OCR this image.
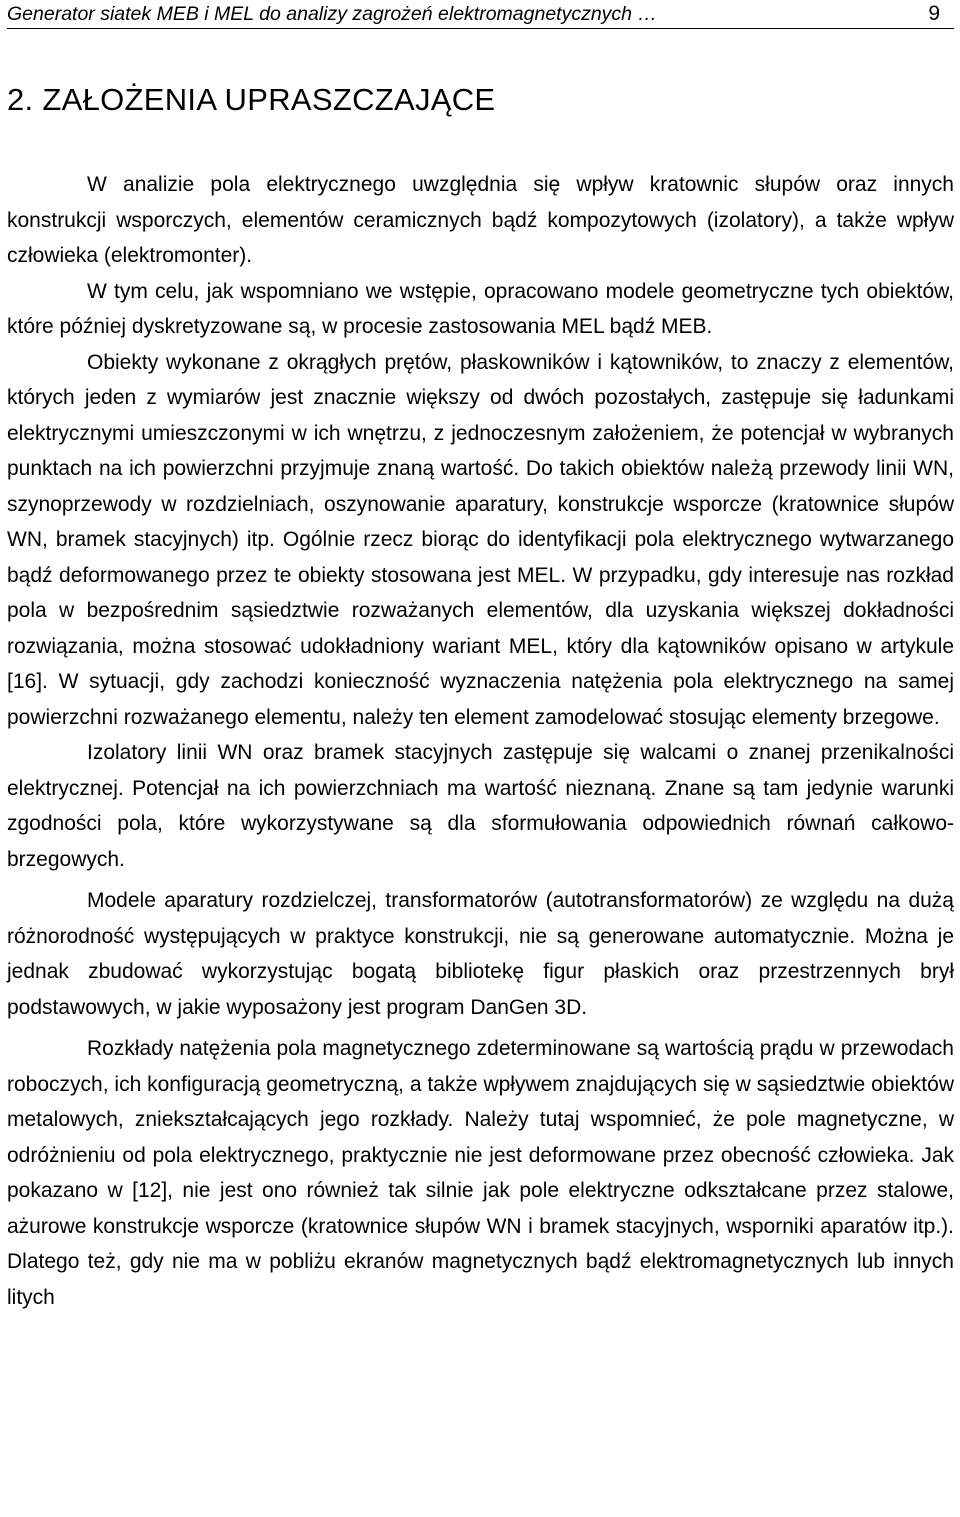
Generator siatek MEB i MEL do analizy zagrożeń elektromagnetycznych …	9
2. ZAŁOŻENIA UPRASZCZAJĄCE

W analizie pola elektrycznego uwzględnia się wpływ kratownic słupów oraz innych konstrukcji wsporczych, elementów ceramicznych bądź kompozytowych (izolatory), a także wpływ człowieka (elektromonter).

W tym celu, jak wspomniano we wstępie, opracowano modele geometryczne tych obiektów, które później dyskretyzowane są, w procesie zastosowania MEL bądź MEB.

Obiekty wykonane z okrągłych prętów, płaskowników i kątowników, to znaczy z elementów, których jeden z wymiarów jest znacznie większy od dwóch pozostałych, zastępuje się ładunkami elektrycznymi umieszczonymi w ich wnętrzu, z jednoczesnym założeniem, że potencjał w wybranych punktach na ich powierzchni przyjmuje znaną wartość. Do takich obiektów należą przewody linii WN, szynoprzewody w rozdzielniach, oszynowanie aparatury, konstrukcje wsporcze (kratownice słupów WN, bramek stacyjnych) itp. Ogólnie rzecz biorąc do identyfikacji pola elektrycznego wytwarzanego bądź deformowanego przez te obiekty stosowana jest MEL. W przypadku, gdy interesuje nas rozkład pola w bezpośrednim sąsiedztwie rozważanych elementów, dla uzyskania większej dokładności rozwiązania, można stosować udokładniony wariant MEL, który dla kątowników opisano w artykule [16]. W sytuacji, gdy zachodzi konieczność wyznaczenia natężenia pola elektrycznego na samej powierzchni rozważanego elementu, należy ten element zamodelować stosując elementy brzegowe.

Izolatory linii WN oraz bramek stacyjnych zastępuje się walcami o znanej przenikalności elektrycznej. Potencjał na ich powierzchniach ma wartość nieznaną. Znane są tam jedynie warunki zgodności pola, które wykorzystywane są dla sformułowania odpowiednich równań całkowo-brzegowych.

Modele aparatury rozdzielczej, transformatorów (autotransformatorów) ze względu na dużą różnorodność występujących w praktyce konstrukcji, nie są generowane automatycznie. Można je jednak zbudować wykorzystując bogatą bibliotekę figur płaskich oraz przestrzennych brył podstawowych, w jakie wyposażony jest program DanGen 3D.

Rozkłady natężenia pola magnetycznego zdeterminowane są wartością prądu w przewodach roboczych, ich konfiguracją geometryczną, a także wpływem znajdujących się w sąsiedztwie obiektów metalowych, zniekształcających jego rozkłady. Należy tutaj wspomnieć, że pole magnetyczne, w odróżnieniu od pola elektrycznego, praktycznie nie jest deformowane przez obecność człowieka. Jak pokazano w [12], nie jest ono również tak silnie jak pole elektryczne odkształcane przez stalowe, ażurowe konstrukcje wsporcze (kratownice słupów WN i bramek stacyjnych, wsporniki aparatów itp.). Dlatego też, gdy nie ma w pobliżu ekranów magnetycznych bądź elektromagnetycznych lub innych litych
